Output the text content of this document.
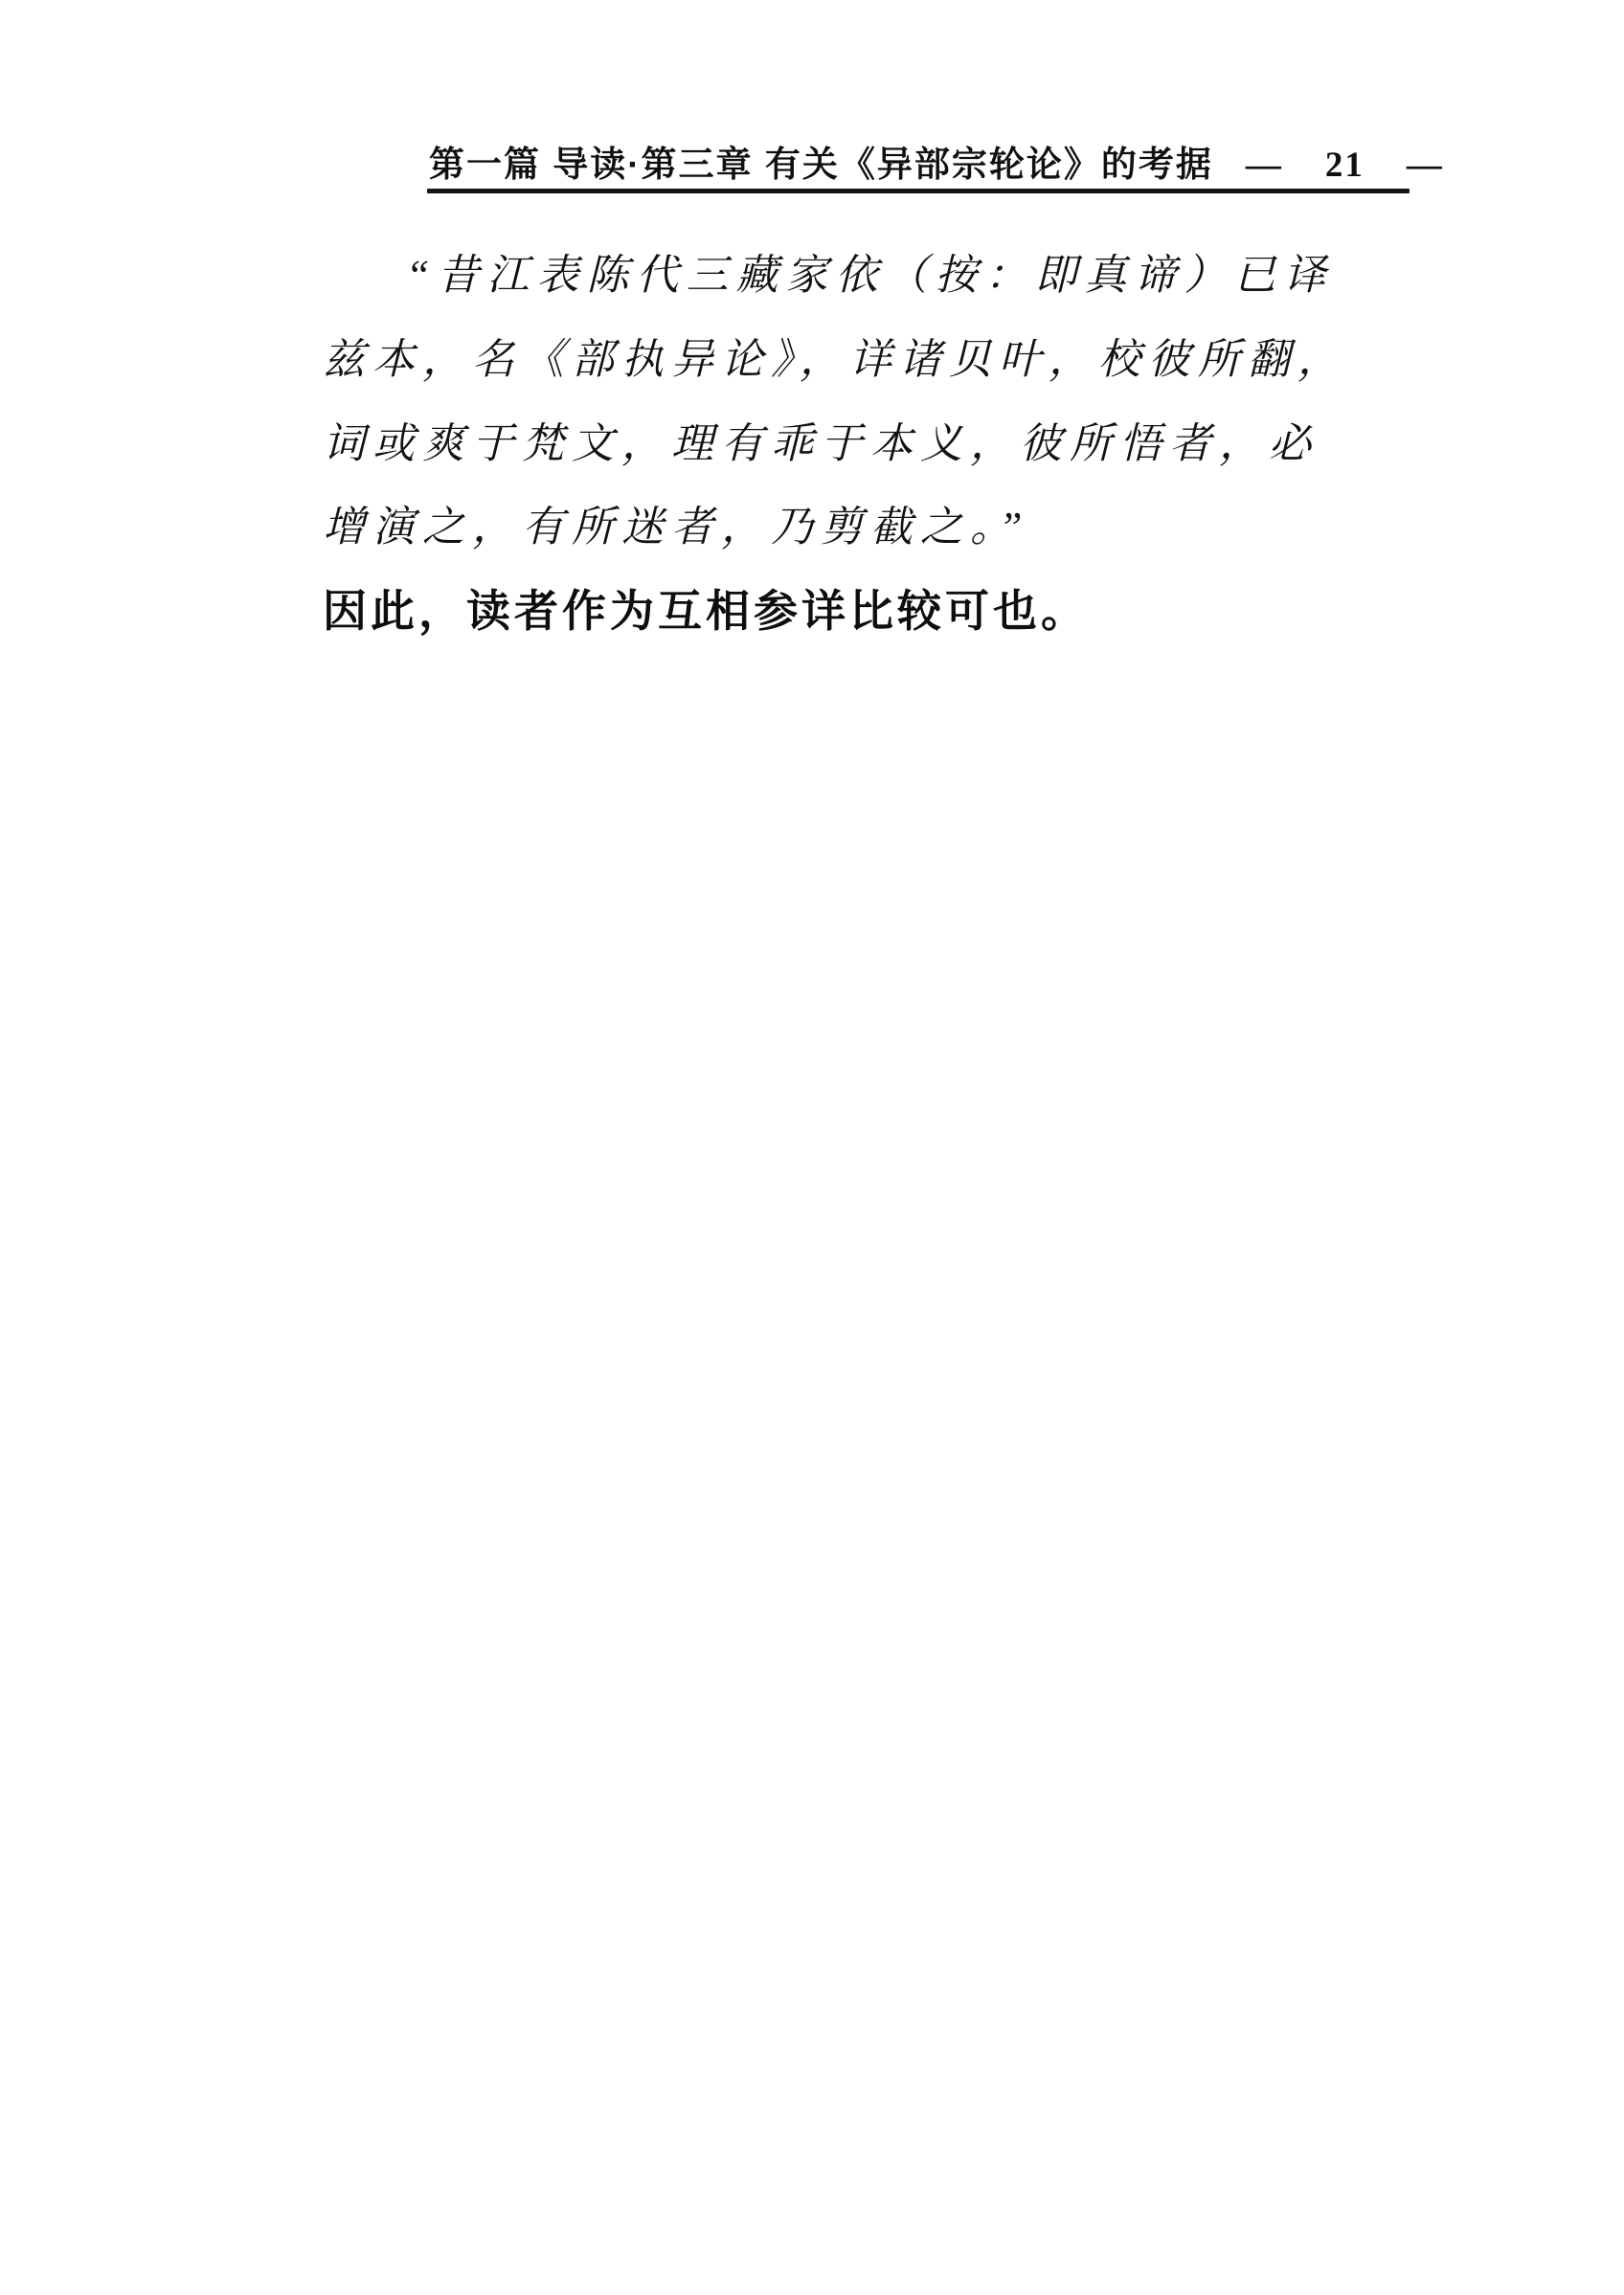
第一篇 导读·第三章 有关《异部宗轮论》的考据 — 21 —

“昔江表陈代三藏家依（按：即真谛）已译

兹本，名《部执异论》，详诸贝叶，校彼所翻，

词或爽于梵文，理有乖于本义，彼所悟者，必

增演之，有所迷者，乃剪截之。”

因此，读者作为互相参详比较可也。
